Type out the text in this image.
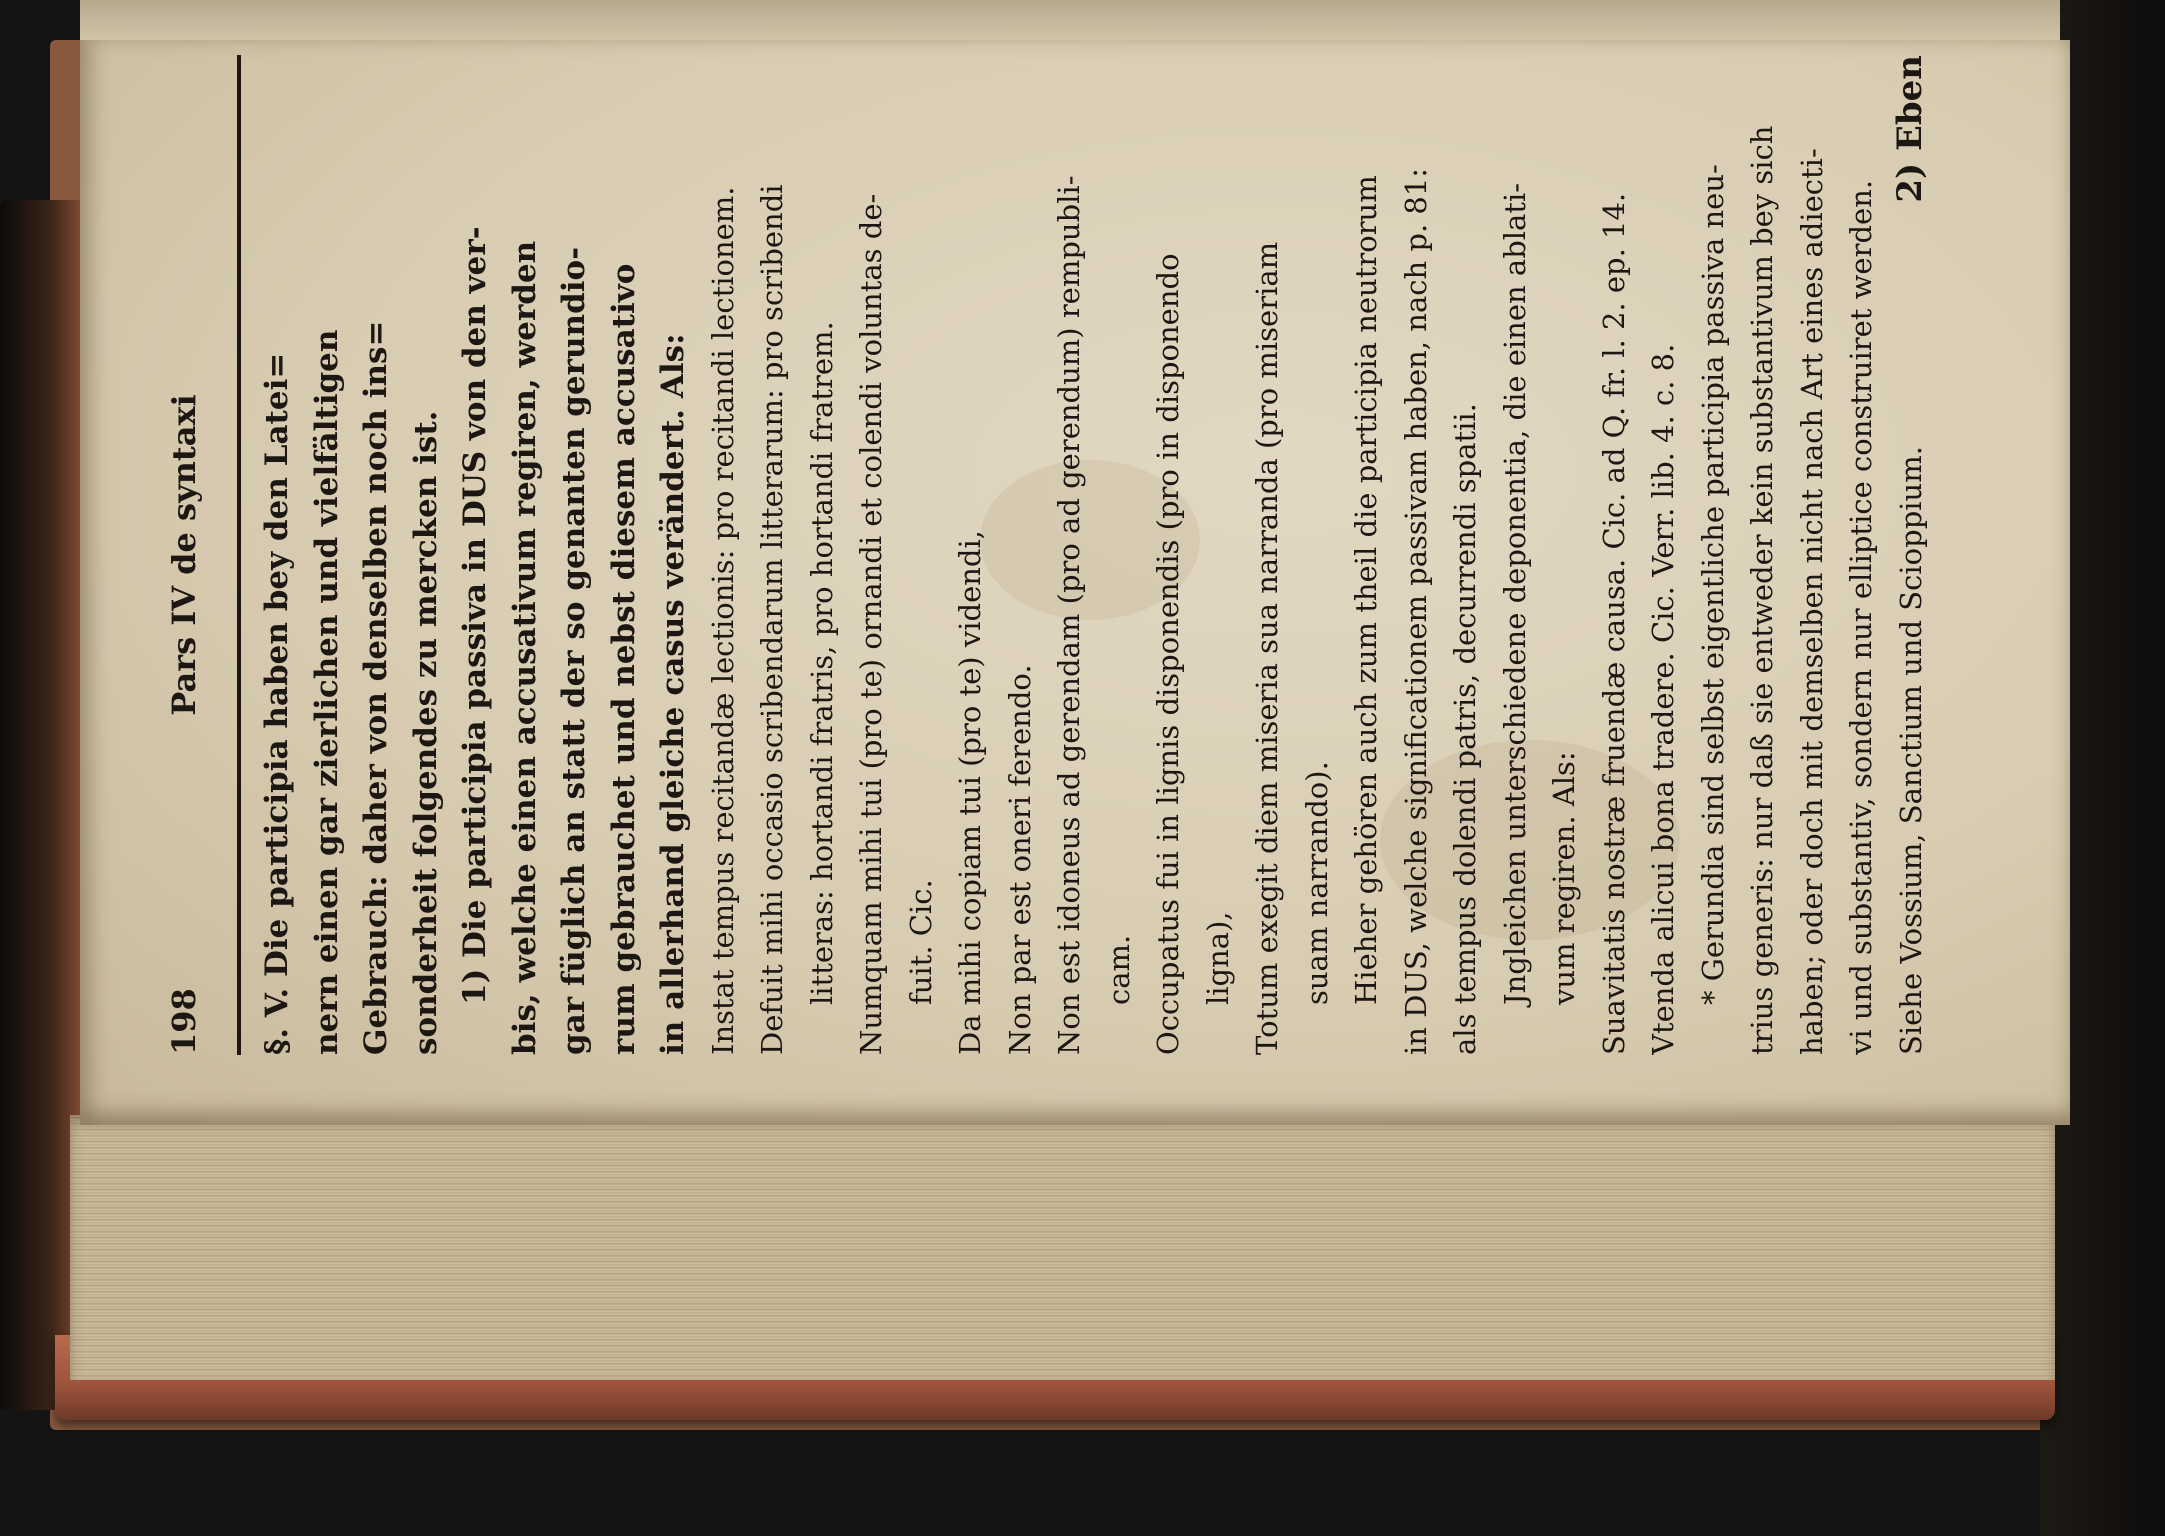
198
Pars IV de syntaxi §. V. Die participia haben bey den Latei= nern einen gar zierlichen und vielfältigen Gebrauch: daher von denselben noch ins= sonderheit folgendes zu mercken ist. 1) Die participia passiva in DUS von den ver- bis, welche einen accusativum regiren, werden gar füglich an statt der so genanten gerundio- rum gebrauchet und nebst diesem accusativo in allerhand gleiche casus verändert. Als: Instat tempus recitandæ lectionis: pro recitandi lectionem. Defuit mihi occasio scribendarum litterarum: pro scribendi litteras: hortandi fratris, pro hortandi fratrem. Numquam mihi tui (pro te) ornandi et colendi voluntas de- fuit. Cic. Da mihi copiam tui (pro te) videndi, Non par est oneri ferendo. Non est idoneus ad gerendam (pro ad gerendum) rempubli- cam. Occupatus fui in lignis disponendis (pro in disponendo ligna), Totum exegit diem miseria sua narranda (pro miseriam suam narrando). Hieher gehören auch zum theil die participia neutrorum in DUS, welche significationem passivam haben, nach p. 81: als tempus dolendi patris, decurrendi spatii. Jngleichen unterschiedene deponentia, die einen ablati- vum regiren. Als: Suavitatis nostræ fruendæ causa. Cic. ad Q. fr. l. 2. ep. 14. Vtenda alicui bona tradere. Cic. Verr. lib. 4. c. 8. * Gerundia sind selbst eigentliche participia passiva neu- trius generis: nur daß sie entweder kein substantivum bey sich haben; oder doch mit demselben nicht nach Art eines adiecti- vi und substantiv, sondern nur elliptice construiret werden. Siehe Vossium, Sanctium und Scioppium.
2) Eben
